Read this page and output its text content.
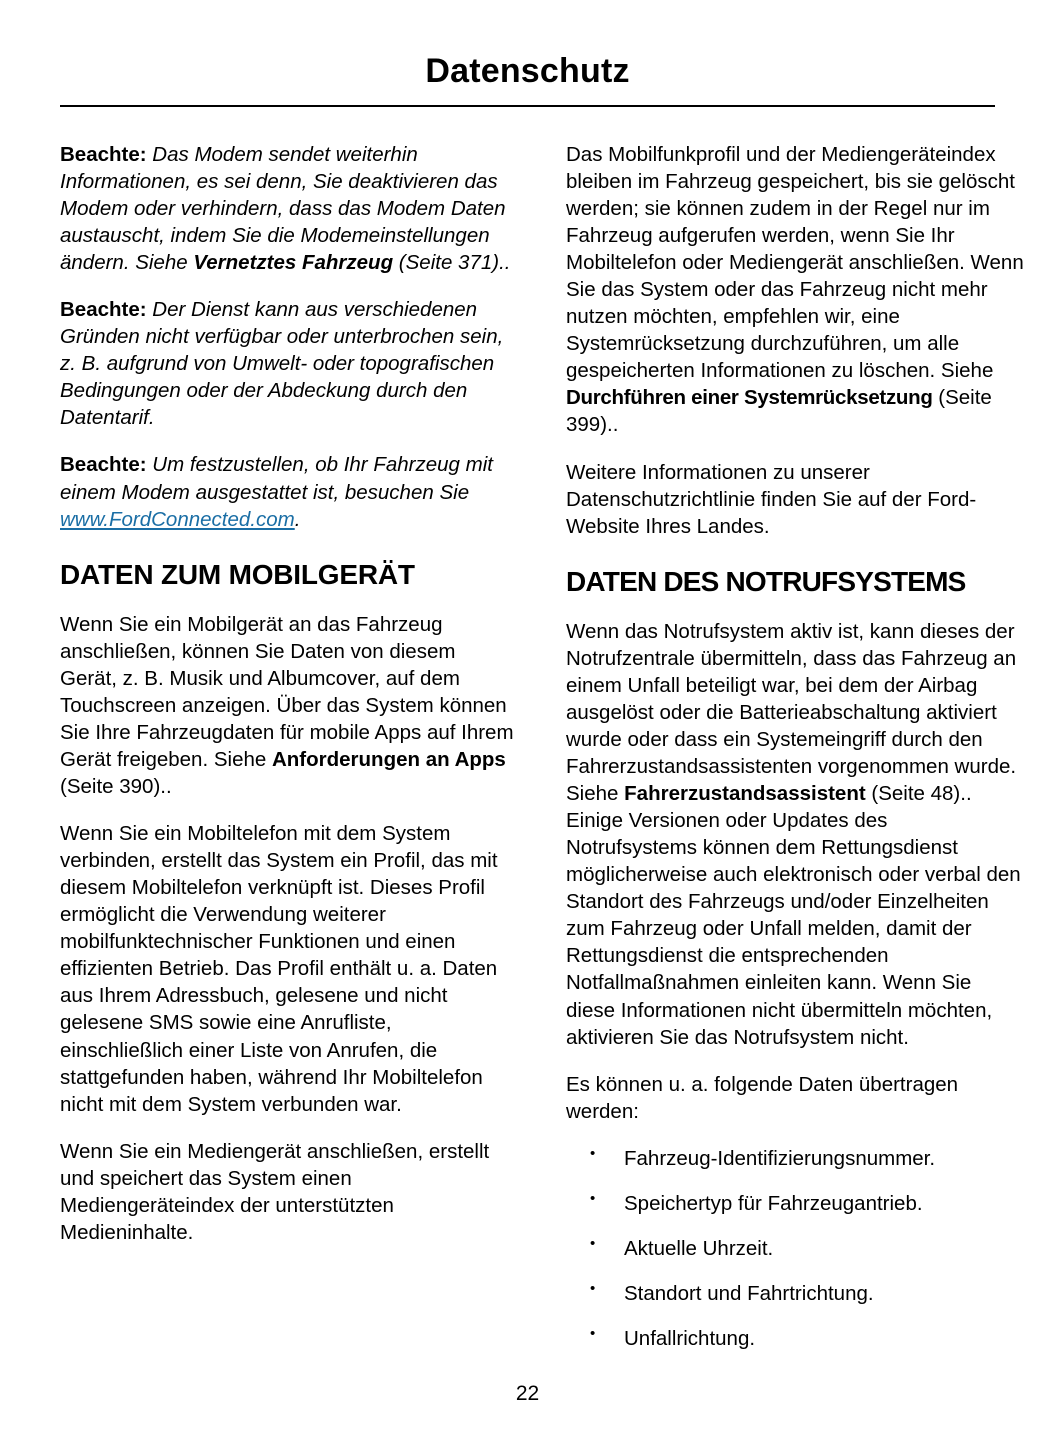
Datenschutz

Beachte: Das Modem sendet weiterhin Informationen, es sei denn, Sie deaktivieren das Modem oder verhindern, dass das Modem Daten austauscht, indem Sie die Modemeinstellungen ändern. Siehe Vernetztes Fahrzeug (Seite 371)..

Beachte: Der Dienst kann aus verschiedenen Gründen nicht verfügbar oder unterbrochen sein, z. B. aufgrund von Umwelt- oder topografischen Bedingungen oder der Abdeckung durch den Datentarif.

Beachte: Um festzustellen, ob Ihr Fahrzeug mit einem Modem ausgestattet ist, besuchen Sie www.FordConnected.com.

DATEN ZUM MOBILGERÄT

Wenn Sie ein Mobilgerät an das Fahrzeug anschließen, können Sie Daten von diesem Gerät, z. B. Musik und Albumcover, auf dem Touchscreen anzeigen. Über das System können Sie Ihre Fahrzeugdaten für mobile Apps auf Ihrem Gerät freigeben. Siehe Anforderungen an Apps (Seite 390)..

Wenn Sie ein Mobiltelefon mit dem System verbinden, erstellt das System ein Profil, das mit diesem Mobiltelefon verknüpft ist. Dieses Profil ermöglicht die Verwendung weiterer mobilfunktechnischer Funktionen und einen effizienten Betrieb. Das Profil enthält u. a. Daten aus Ihrem Adressbuch, gelesene und nicht gelesene SMS sowie eine Anrufliste, einschließlich einer Liste von Anrufen, die stattgefunden haben, während Ihr Mobiltelefon nicht mit dem System verbunden war.

Wenn Sie ein Mediengerät anschließen, erstellt und speichert das System einen Mediengeräteindex der unterstützten Medieninhalte.

Das Mobilfunkprofil und der Mediengeräteindex bleiben im Fahrzeug gespeichert, bis sie gelöscht werden; sie können zudem in der Regel nur im Fahrzeug aufgerufen werden, wenn Sie Ihr Mobiltelefon oder Mediengerät anschließen. Wenn Sie das System oder das Fahrzeug nicht mehr nutzen möchten, empfehlen wir, eine Systemrücksetzung durchzuführen, um alle gespeicherten Informationen zu löschen. Siehe Durchführen einer Systemrücksetzung (Seite 399)..

Weitere Informationen zu unserer Datenschutzrichtlinie finden Sie auf der Ford-Website Ihres Landes.

DATEN DES NOTRUFSYSTEMS

Wenn das Notrufsystem aktiv ist, kann dieses der Notrufzentrale übermitteln, dass das Fahrzeug an einem Unfall beteiligt war, bei dem der Airbag ausgelöst oder die Batterieabschaltung aktiviert wurde oder dass ein Systemeingriff durch den Fahrerzustandsassistenten vorgenommen wurde. Siehe Fahrerzustandsassistent (Seite 48).. Einige Versionen oder Updates des Notrufsystems können dem Rettungsdienst möglicherweise auch elektronisch oder verbal den Standort des Fahrzeugs und/oder Einzelheiten zum Fahrzeug oder Unfall melden, damit der Rettungsdienst die entsprechenden Notfallmaßnahmen einleiten kann. Wenn Sie diese Informationen nicht übermitteln möchten, aktivieren Sie das Notrufsystem nicht.

Es können u. a. folgende Daten übertragen werden:

• Fahrzeug-Identifizierungsnummer.
• Speichertyp für Fahrzeugantrieb.
• Aktuelle Uhrzeit.
• Standort und Fahrtrichtung.
• Unfallrichtung.
22
